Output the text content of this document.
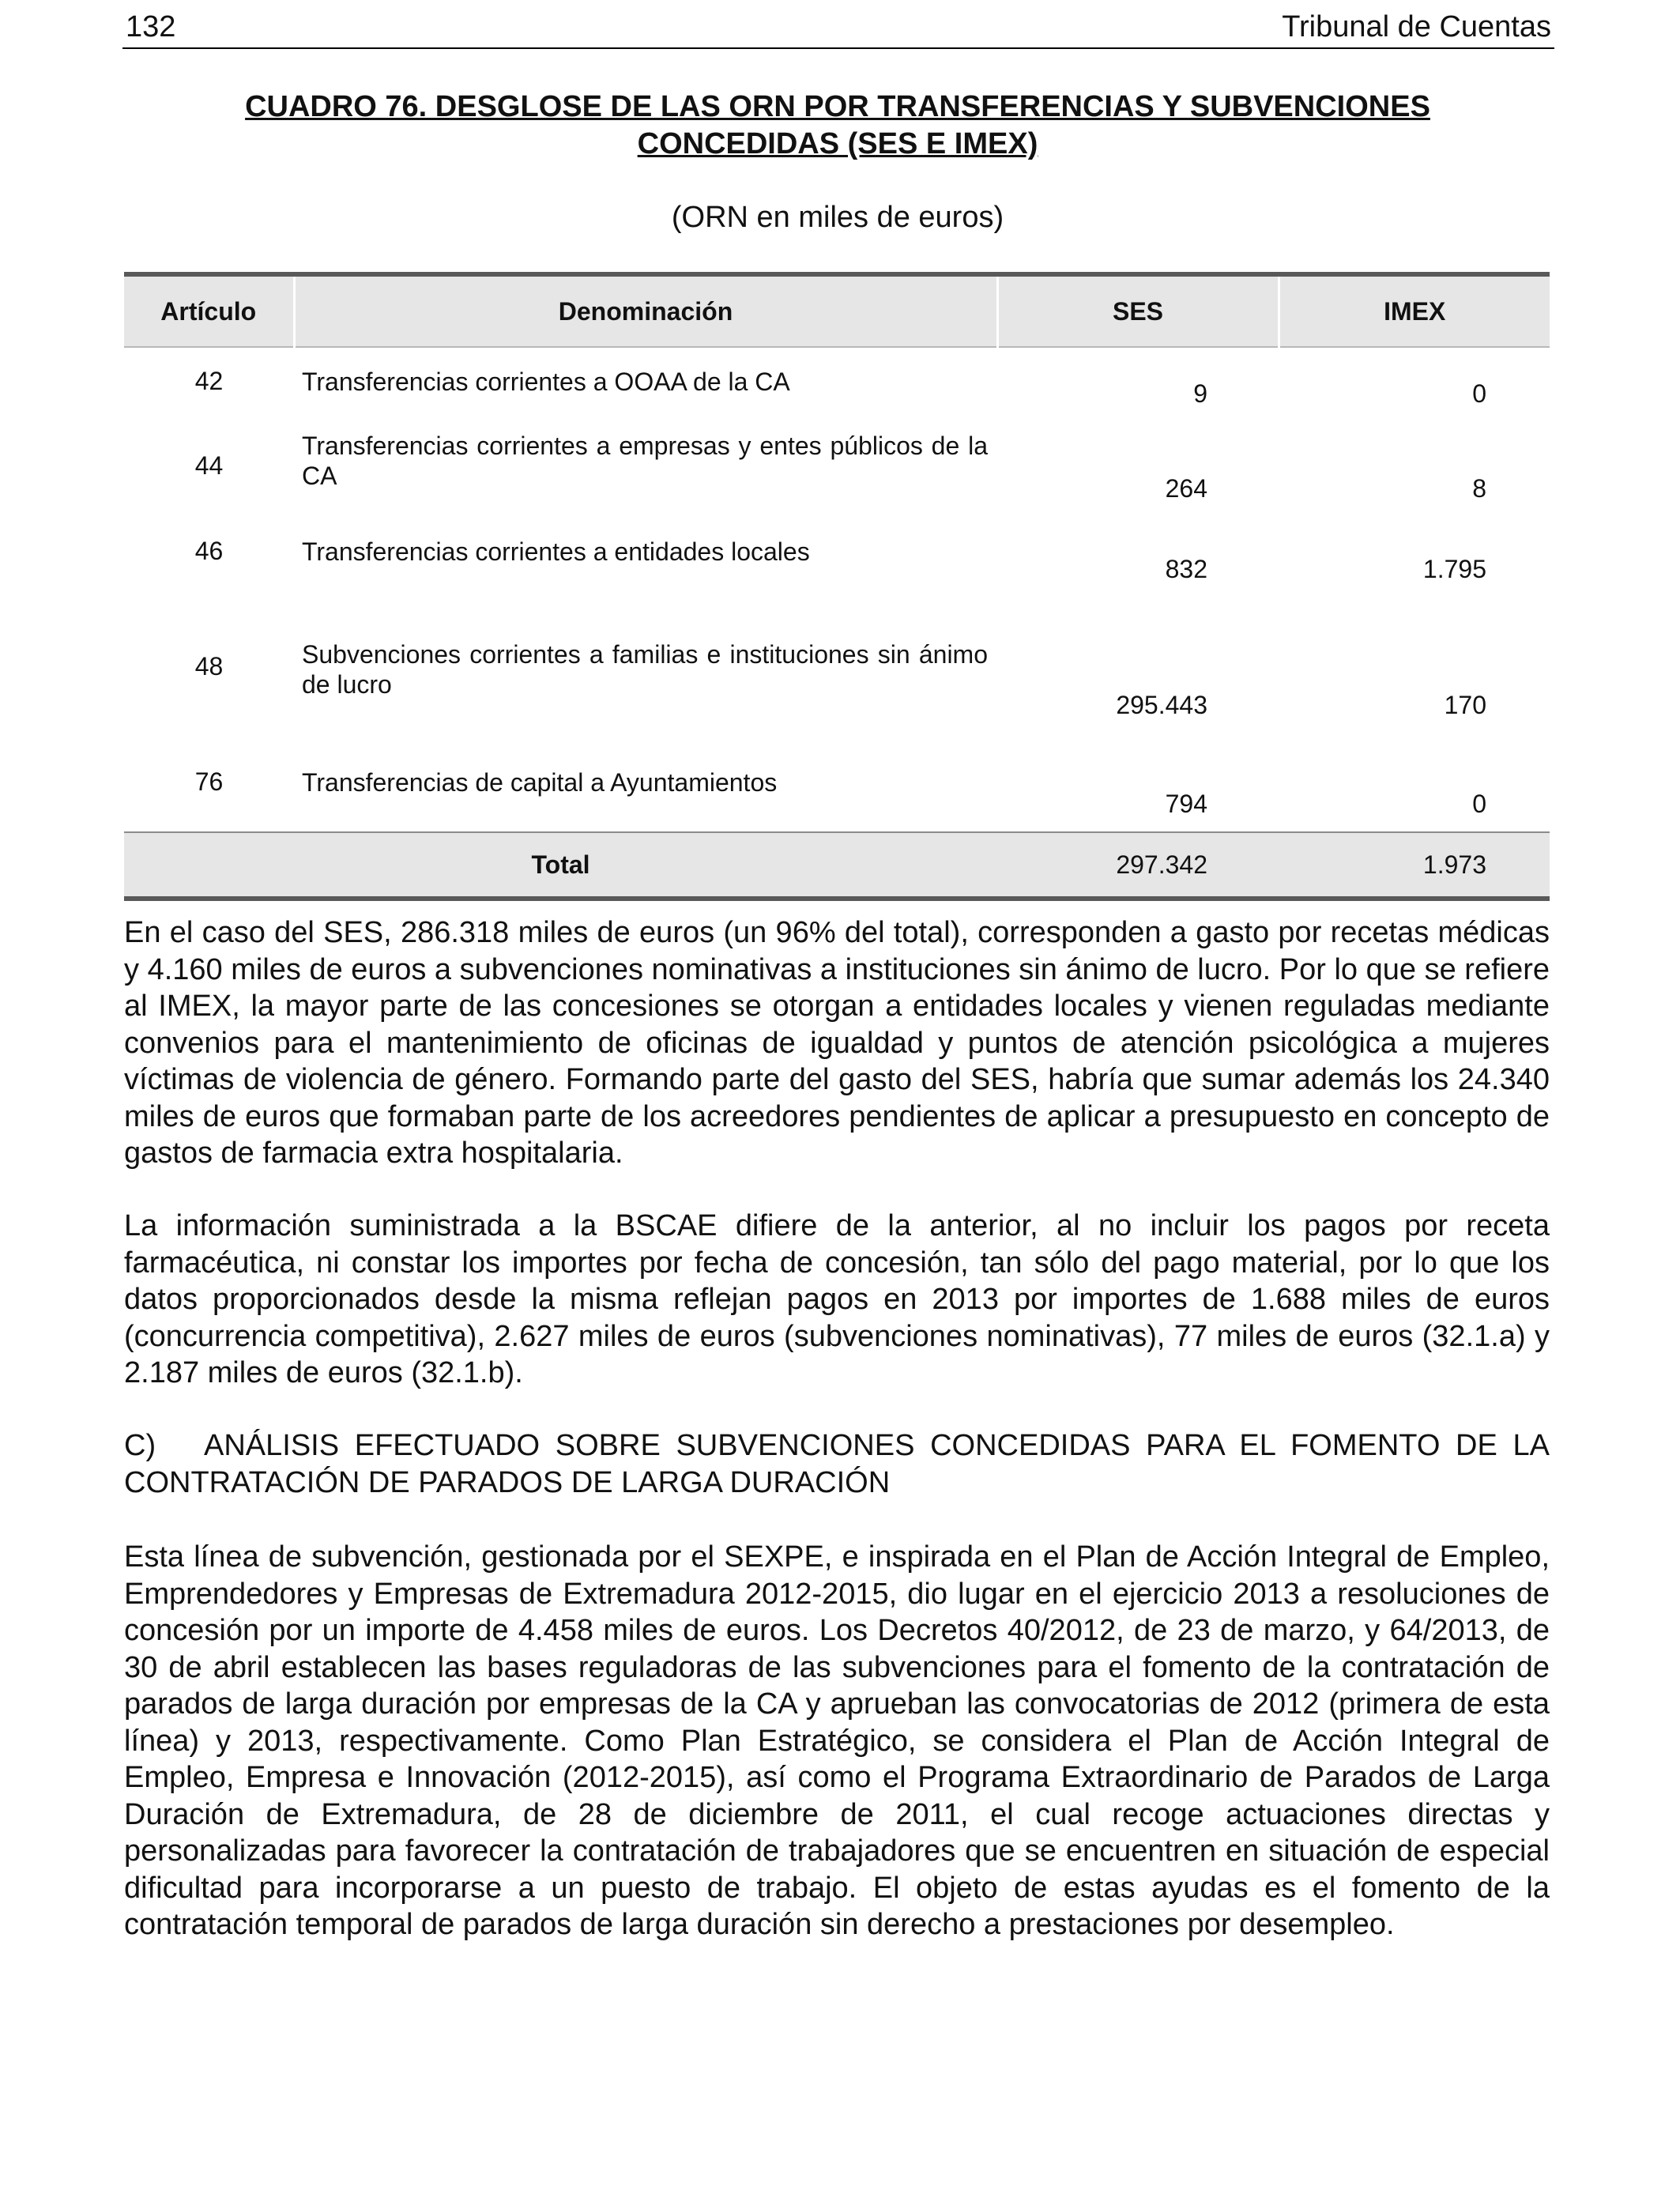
132	Tribunal de Cuentas
CUADRO 76. DESGLOSE DE LAS ORN POR TRANSFERENCIAS Y SUBVENCIONES
CONCEDIDAS (SES E IMEX)
(ORN en miles de euros)
Artículo	Denominación	SES	IMEX
42	Transferencias corrientes a OOAA de la CA	9	0
44	Transferencias corrientes a empresas y entes públicos de la CA	264	8
46	Transferencias corrientes a entidades locales	832	1.795
48	Subvenciones corrientes a familias e instituciones sin ánimo de lucro	295.443	170
76	Transferencias de capital a Ayuntamientos	794	0
Total		297.342	1.973

En el caso del SES, 286.318 miles de euros (un 96% del total), corresponden a gasto por recetas médicas y 4.160 miles de euros a subvenciones nominativas a instituciones sin ánimo de lucro. Por lo que se refiere al IMEX, la mayor parte de las concesiones se otorgan a entidades locales y vienen reguladas mediante convenios para el mantenimiento de oficinas de igualdad y puntos de atención psicológica a mujeres víctimas de violencia de género. Formando parte del gasto del SES, habría que sumar además los 24.340 miles de euros que formaban parte de los acreedores pendientes de aplicar a presupuesto en concepto de gastos de farmacia extra hospitalaria.

La información suministrada a la BSCAE difiere de la anterior, al no incluir los pagos por receta farmacéutica, ni constar los importes por fecha de concesión, tan sólo del pago material, por lo que los datos proporcionados desde la misma reflejan pagos en 2013 por importes de 1.688 miles de euros (concurrencia competitiva), 2.627 miles de euros (subvenciones nominativas), 77 miles de euros (32.1.a) y 2.187 miles de euros (32.1.b).

C) ANÁLISIS EFECTUADO SOBRE SUBVENCIONES CONCEDIDAS PARA EL FOMENTO DE LA CONTRATACIÓN DE PARADOS DE LARGA DURACIÓN

Esta línea de subvención, gestionada por el SEXPE, e inspirada en el Plan de Acción Integral de Empleo, Emprendedores y Empresas de Extremadura 2012-2015, dio lugar en el ejercicio 2013 a resoluciones de concesión por un importe de 4.458 miles de euros. Los Decretos 40/2012, de 23 de marzo, y 64/2013, de 30 de abril establecen las bases reguladoras de las subvenciones para el fomento de la contratación de parados de larga duración por empresas de la CA y aprueban las convocatorias de 2012 (primera de esta línea) y 2013, respectivamente. Como Plan Estratégico, se considera el Plan de Acción Integral de Empleo, Empresa e Innovación (2012-2015), así como el Programa Extraordinario de Parados de Larga Duración de Extremadura, de 28 de diciembre de 2011, el cual recoge actuaciones directas y personalizadas para favorecer la contratación de trabajadores que se encuentren en situación de especial dificultad para incorporarse a un puesto de trabajo. El objeto de estas ayudas es el fomento de la contratación temporal de parados de larga duración sin derecho a prestaciones por desempleo.
